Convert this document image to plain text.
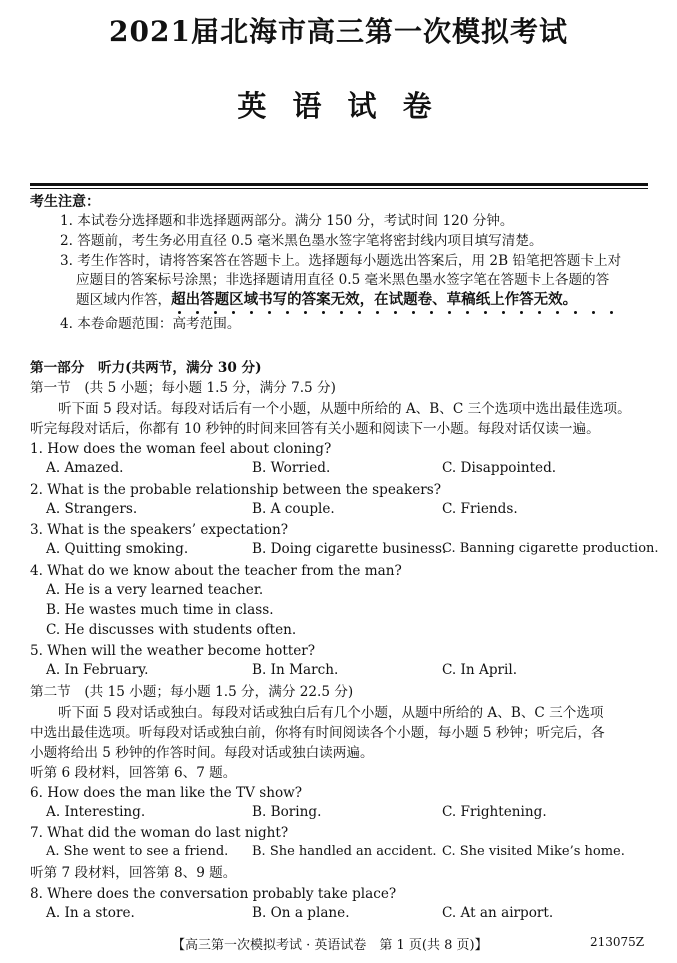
2021届北海市高三第一次模拟考试
英 语 试 卷
考生注意：
1. 本试卷分选择题和非选择题两部分。满分 150 分，考试时间 120 分钟。
2. 答题前，考生务必用直径 0.5 毫米黑色墨水签字笔将密封线内项目填写清楚。
3. 考生作答时，请将答案答在答题卡上。选择题每小题选出答案后，用 2B 铅笔把答题卡上对
应题目的答案标号涂黑；非选择题请用直径 0.5 毫米黑色墨水签字笔在答题卡上各题的答
题区域内作答，超出答题区域书写的答案无效，在试题卷、草稿纸上作答无效。
4. 本卷命题范围：高考范围。
第一部分　听力(共两节，满分 30 分)
第一节　(共 5 小题；每小题 1.5 分，满分 7.5 分)
听下面 5 段对话。每段对话后有一个小题，从题中所给的 A、B、C 三个选项中选出最佳选项。
听完每段对话后，你都有 10 秒钟的时间来回答有关小题和阅读下一小题。每段对话仅读一遍。
1. How does the woman feel about cloning?
A. Amazed.	B. Worried.	C. Disappointed.
2. What is the probable relationship between the speakers?
A. Strangers.	B. A couple.	C. Friends.
3. What is the speakers’ expectation?
A. Quitting smoking.	B. Doing cigarette business.
C. Banning cigarette production.
4. What do we know about the teacher from the man?
A. He is a very learned teacher.
B. He wastes much time in class.
C. He discusses with students often.
5. When will the weather become hotter?
A. In February.	B. In March.	C. In April.
第二节　(共 15 小题；每小题 1.5 分，满分 22.5 分)
听下面 5 段对话或独白。每段对话或独白后有几个小题，从题中所给的 A、B、C 三个选项
中选出最佳选项。听每段对话或独白前，你将有时间阅读各个小题，每小题 5 秒钟；听完后，各
小题将给出 5 秒钟的作答时间。每段对话或独白读两遍。
听第 6 段材料，回答第 6、7 题。
6. How does the man like the TV show?
A. Interesting.	B. Boring.	C. Frightening.
7. What did the woman do last night?
A. She went to see a friend. B. She handled an accident. C. She visited Mike’s home.
听第 7 段材料，回答第 8、9 题。
8. Where does the conversation probably take place?
A. In a store.	B. On a plane.	C. At an airport.
【高三第一次模拟考试 · 英语试卷　第 1 页(共 8 页)】	213075Z
